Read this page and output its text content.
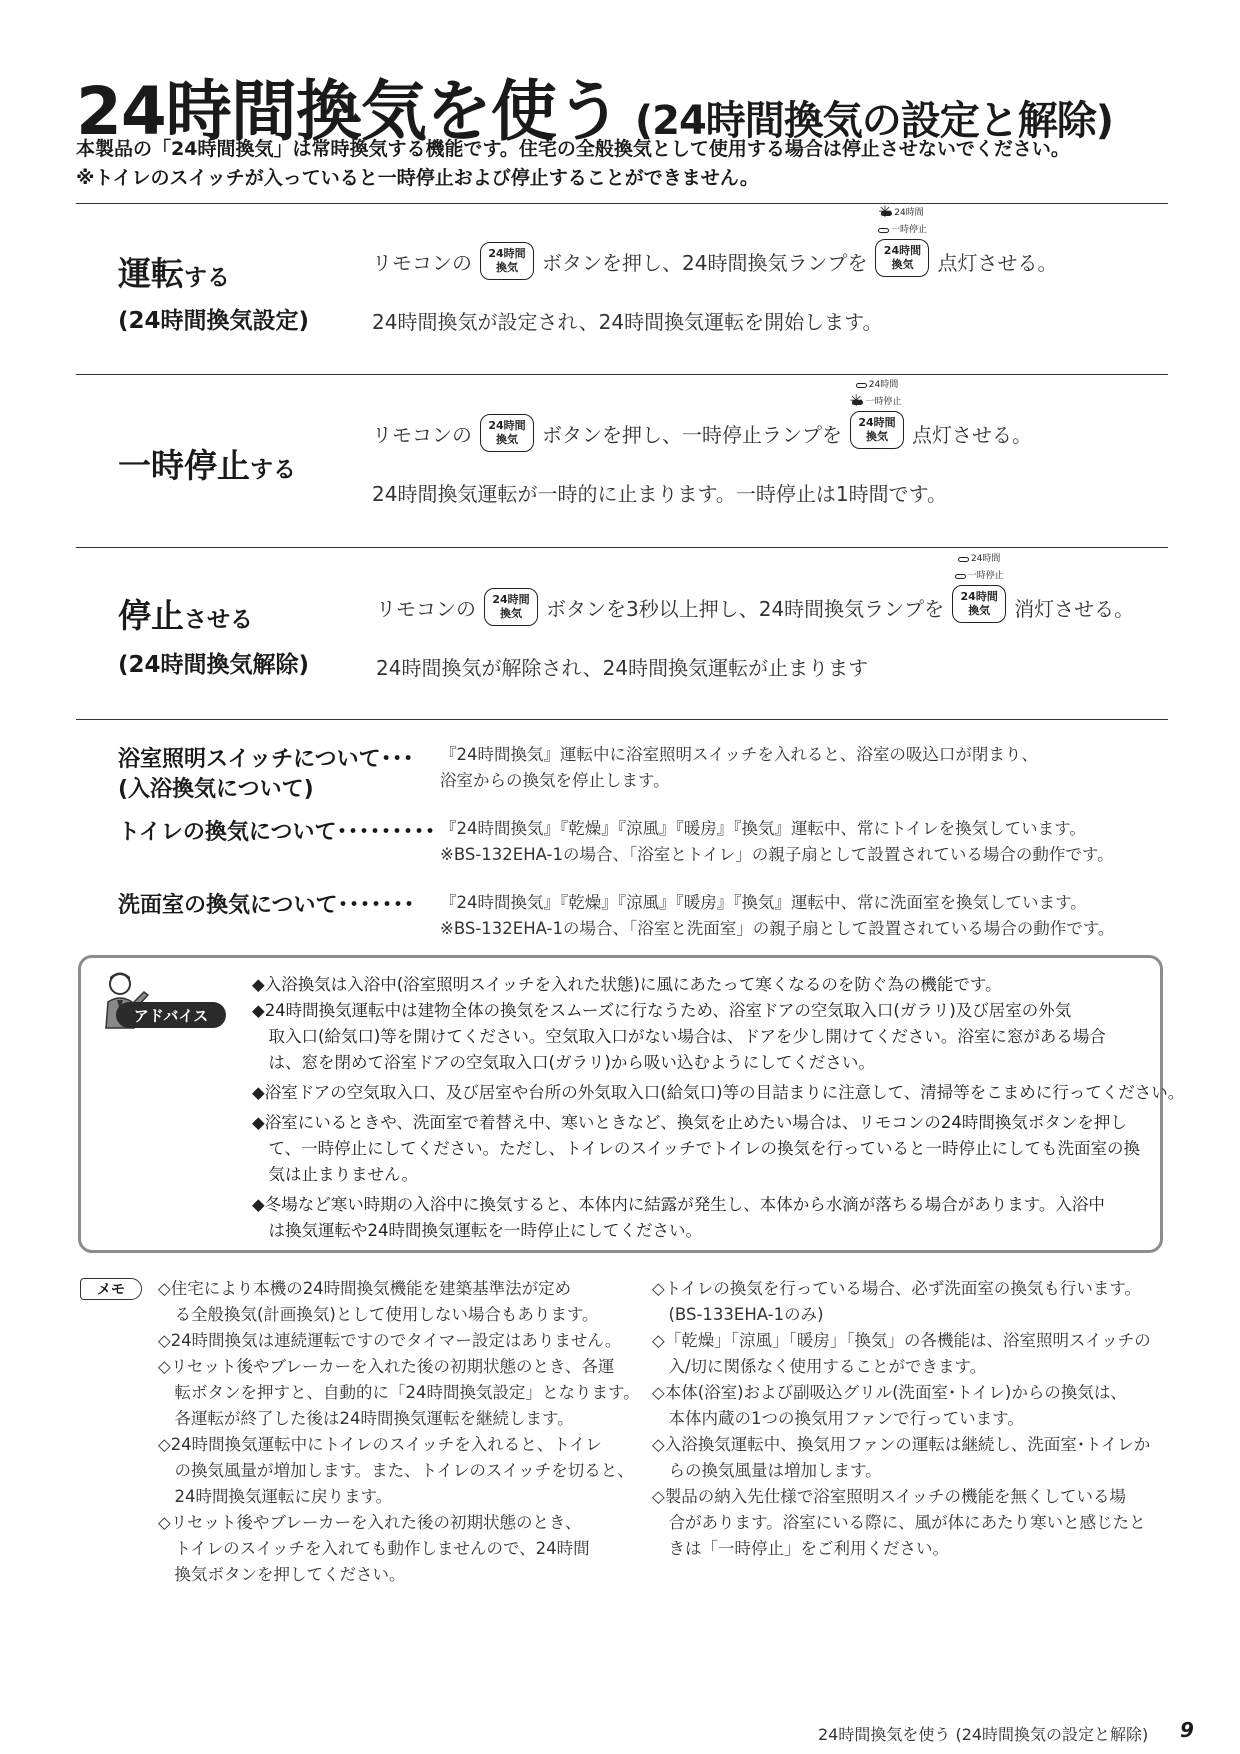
24時間換気を使う (24時間換気の設定と解除)
本製品の「24時間換気」は常時換気する機能です。住宅の全般換気として使用する場合は停止させないでください。
※トイレのスイッチが入っていると一時停止および停止することができません。
運転する
(24時間換気設定)
リモコンの 24時間
換気 ボタンを押し、24時間換気ランプを
✳
24時間
一時停止
24時間
換気 点灯させる。
24時間換気が設定され、24時間換気運転を開始します。
一時停止する
リモコンの 24時間
換気 ボタンを押し、一時停止ランプを
24時間
✳
一時停止
24時間
換気 点灯させる。
24時間換気運転が一時的に止まります。一時停止は1時間です。
停止させる
(24時間換気解除)
リモコンの 24時間
換気 ボタンを3秒以上押し、24時間換気ランプを
24時間
一時停止
24時間
換気 消灯させる。
24時間換気が解除され、24時間換気運転が止まります
浴室照明スイッチについて･･･
(入浴換気について)
『24時間換気』運転中に浴室照明スイッチを入れると、浴室の吸込口が閉まり、
浴室からの換気を停止します。
トイレの換気について･････････ 『24時間換気』『乾燥』『涼風』『暖房』『換気』運転中、常にトイレを換気しています。
※BS-132EHA-1の場合、「浴室とトイレ」の親子扇として設置されている場合の動作です。
洗面室の換気について･･･････ 『24時間換気』『乾燥』『涼風』『暖房』『換気』運転中、常に洗面室を換気しています。
※BS-132EHA-1の場合、「浴室と洗面室」の親子扇として設置されている場合の動作です。
アドバイス
◆入浴換気は入浴中(浴室照明スイッチを入れた状態)に風にあたって寒くなるのを防ぐ為の機能です。
◆24時間換気運転中は建物全体の換気をスムーズに行なうため、浴室ドアの空気取入口(ガラリ)及び居室の外気
　取入口(給気口)等を開けてください。空気取入口がない場合は、ドアを少し開けてください。浴室に窓がある場合
　は、窓を閉めて浴室ドアの空気取入口(ガラリ)から吸い込むようにしてください。
◆浴室ドアの空気取入口、及び居室や台所の外気取入口(給気口)等の目詰まりに注意して、清掃等をこまめに行ってください。
◆浴室にいるときや、洗面室で着替え中、寒いときなど、換気を止めたい場合は、リモコンの24時間換気ボタンを押し
　て、一時停止にしてください。ただし、トイレのスイッチでトイレの換気を行っていると一時停止にしても洗面室の換
　気は止まりません。
◆冬場など寒い時期の入浴中に換気すると、本体内に結露が発生し、本体から水滴が落ちる場合があります。入浴中
　は換気運転や24時間換気運転を一時停止にしてください。
メモ	◇住宅により本機の24時間換気機能を建築基準法が定め
　る全般換気(計画換気)として使用しない場合もあります。
◇24時間換気は連続運転ですのでタイマー設定はありません。
◇リセット後やブレーカーを入れた後の初期状態のとき、各運
　転ボタンを押すと、自動的に「24時間換気設定」となります。
　各運転が終了した後は24時間換気運転を継続します。
◇24時間換気運転中にトイレのスイッチを入れると、トイレ
　の換気風量が増加します。また、トイレのスイッチを切ると、
　24時間換気運転に戻ります。
◇リセット後やブレーカーを入れた後の初期状態のとき、
　トイレのスイッチを入れても動作しませんので、24時間
　換気ボタンを押してください。
◇トイレの換気を行っている場合、必ず洗面室の換気も行います。
　(BS-133EHA-1のみ)
◇「乾燥」「涼風」「暖房」「換気」の各機能は、浴室照明スイッチの
　入/切に関係なく使用することができます。
◇本体(浴室)および副吸込グリル(洗面室･トイレ)からの換気は、
　本体内蔵の1つの換気用ファンで行っています。
◇入浴換気運転中、換気用ファンの運転は継続し、洗面室･トイレか
　らの換気風量は増加します。
◇製品の納入先仕様で浴室照明スイッチの機能を無くしている場
　合があります。浴室にいる際に、風が体にあたり寒いと感じたと
　きは「一時停止」をご利用ください。
24時間換気を使う (24時間換気の設定と解除) 9
